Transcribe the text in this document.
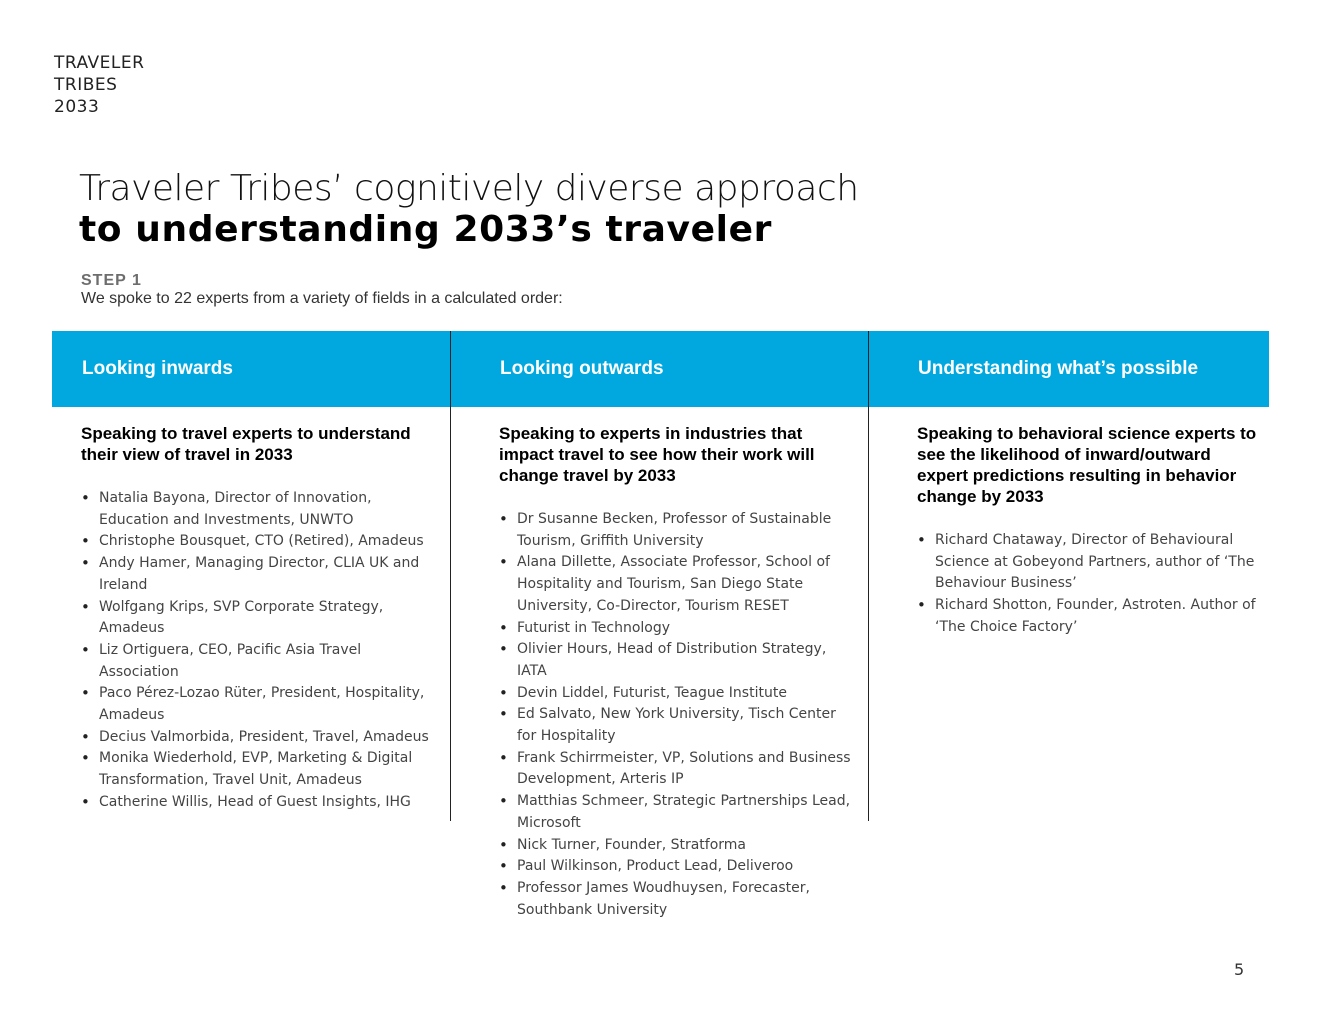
TRAVELER
TRIBES
2033
Traveler Tribes’ cognitively diverse approach
to understanding 2033’s traveler
STEP 1
We spoke to 22 experts from a variety of fields in a calculated order:
Looking inwards	Looking outwards	Understanding what’s possible
Speaking to travel experts to understand their view of travel in 2033
• Natalia Bayona, Director of Innovation, Education and Investments, UNWTO
• Christophe Bousquet, CTO (Retired), Amadeus
• Andy Hamer, Managing Director, CLIA UK and Ireland
• Wolfgang Krips, SVP Corporate Strategy, Amadeus
• Liz Ortiguera, CEO, Pacific Asia Travel Association
• Paco Pérez-Lozao Rüter, President, Hospitality, Amadeus
• Decius Valmorbida, President, Travel, Amadeus
• Monika Wiederhold, EVP, Marketing & Digital Transformation, Travel Unit, Amadeus
• Catherine Willis, Head of Guest Insights, IHG
Speaking to experts in industries that impact travel to see how their work will change travel by 2033
• Dr Susanne Becken, Professor of Sustainable Tourism, Griffith University
• Alana Dillette, Associate Professor, School of Hospitality and Tourism, San Diego State University, Co-Director, Tourism RESET
• Futurist in Technology
• Olivier Hours, Head of Distribution Strategy, IATA
• Devin Liddel, Futurist, Teague Institute
• Ed Salvato, New York University, Tisch Center for Hospitality
• Frank Schirrmeister, VP, Solutions and Business Development, Arteris IP
• Matthias Schmeer, Strategic Partnerships Lead, Microsoft
• Nick Turner, Founder, Stratforma
• Paul Wilkinson, Product Lead, Deliveroo
• Professor James Woudhuysen, Forecaster, Southbank University
Speaking to behavioral science experts to see the likelihood of inward/outward expert predictions resulting in behavior change by 2033
• Richard Chataway, Director of Behavioural Science at Gobeyond Partners, author of ‘The Behaviour Business’
• Richard Shotton, Founder, Astroten. Author of ‘The Choice Factory’
5
